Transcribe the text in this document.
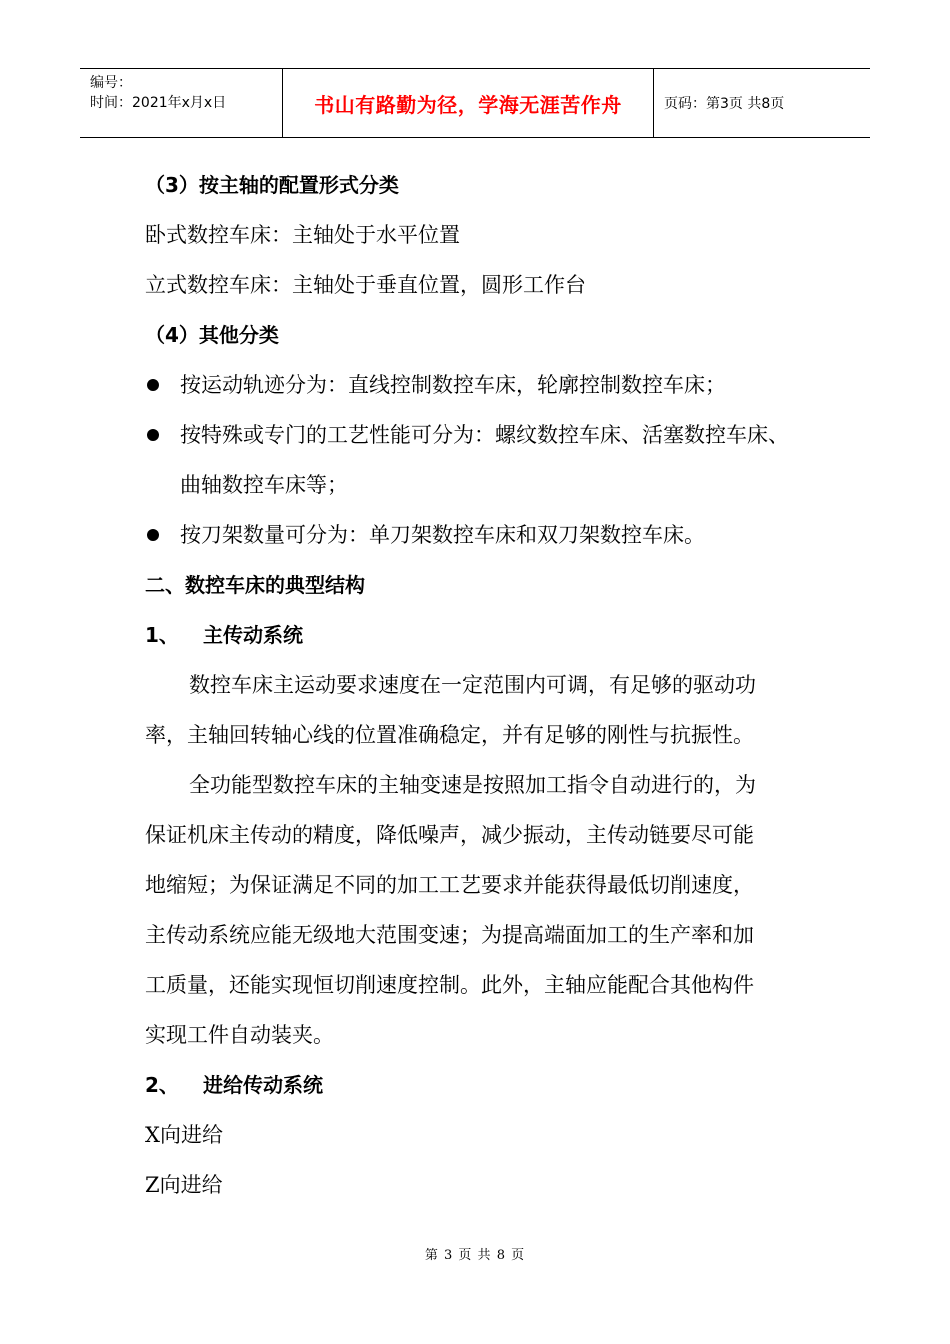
编号：
时间：2021年x月x日	书山有路勤为径，学海无涯苦作舟	页码：第3页 共8页
（3）按主轴的配置形式分类
卧式数控车床：主轴处于水平位置
立式数控车床：主轴处于垂直位置，圆形工作台
（4）其他分类
按运动轨迹分为：直线控制数控车床，轮廓控制数控车床；
按特殊或专门的工艺性能可分为：螺纹数控车床、活塞数控车床、
曲轴数控车床等；
按刀架数量可分为：单刀架数控车床和双刀架数控车床。
二、数控车床的典型结构
1、 主传动系统
数控车床主运动要求速度在一定范围内可调，有足够的驱动功
率，主轴回转轴心线的位置准确稳定，并有足够的刚性与抗振性。
全功能型数控车床的主轴变速是按照加工指令自动进行的，为
保证机床主传动的精度，降低噪声，减少振动，主传动链要尽可能
地缩短；为保证满足不同的加工工艺要求并能获得最低切削速度，
主传动系统应能无级地大范围变速；为提高端面加工的生产率和加
工质量，还能实现恒切削速度控制。此外，主轴应能配合其他构件
实现工件自动装夹。
2、 进给传动系统
X向进给
Z向进给
第 3 页 共 8 页
